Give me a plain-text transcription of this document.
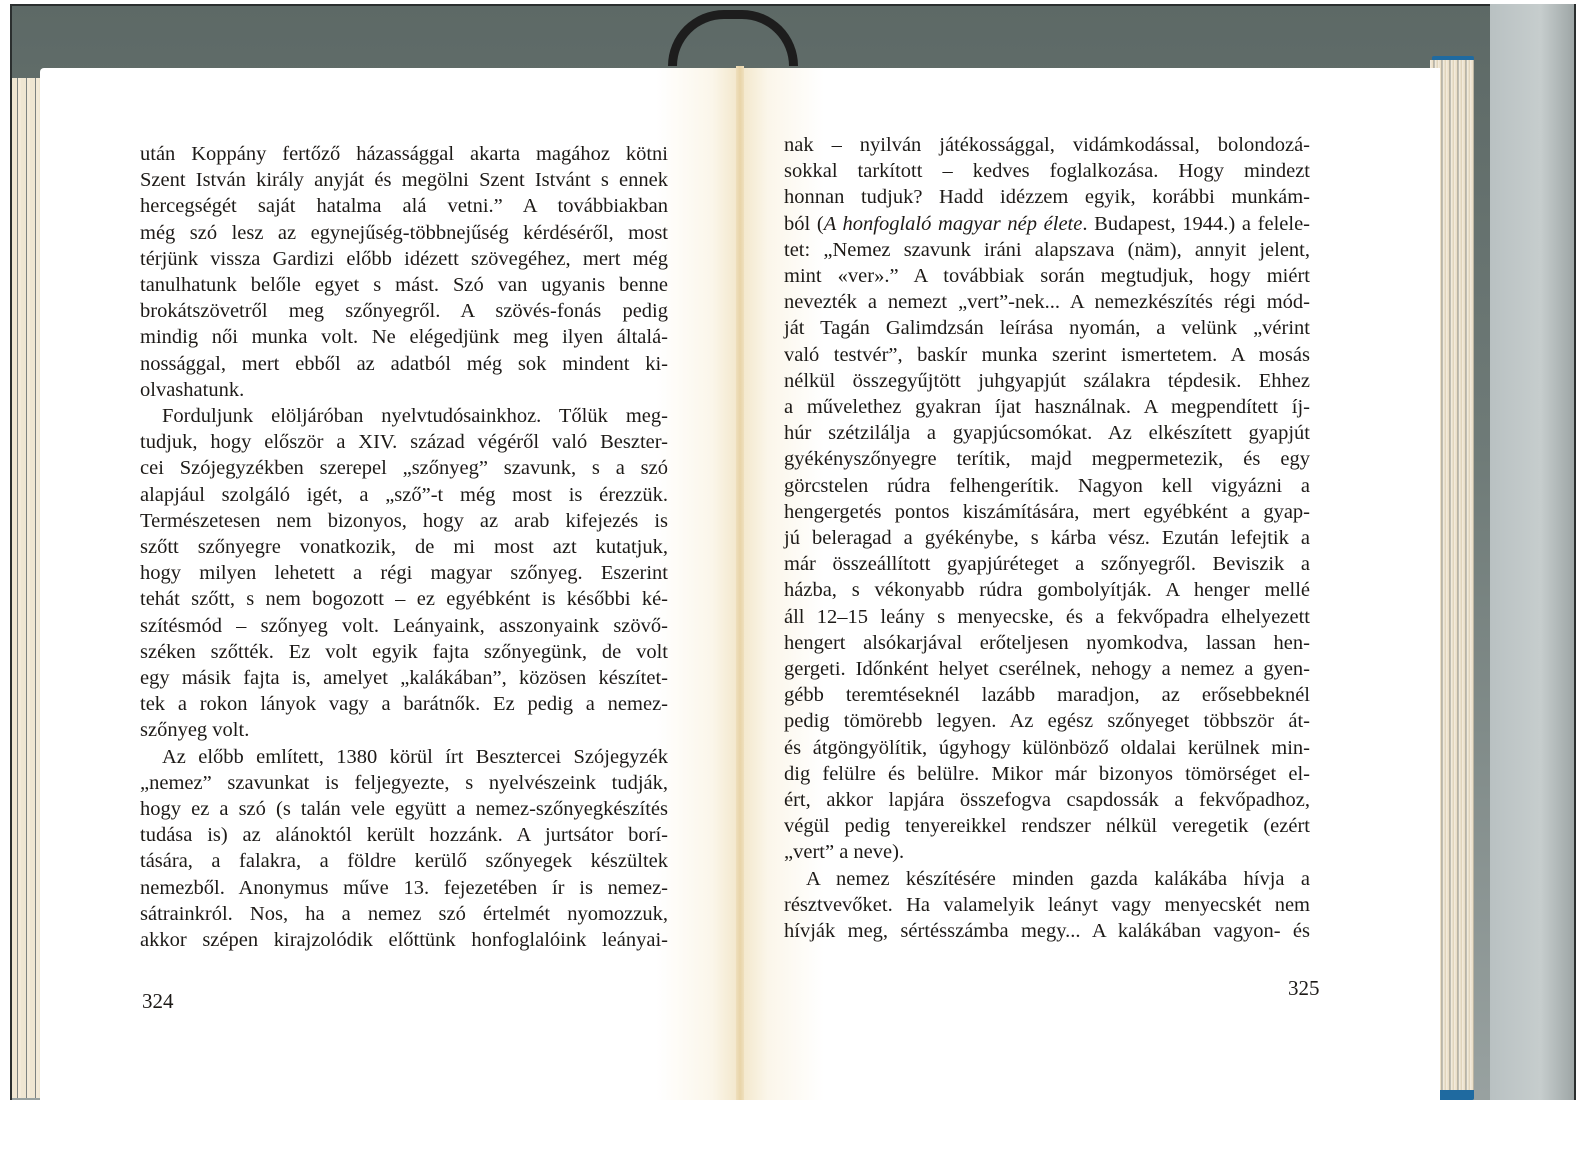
után Koppány fertőző házassággal akarta magához kötni
Szent István király anyját és megölni Szent Istvánt s ennek
hercegségét saját hatalma alá vetni.” A továbbiakban
még szó lesz az egynejűség-többnejűség kérdéséről, most
térjünk vissza Gardizi előbb idézett szövegéhez, mert még
tanulhatunk belőle egyet s mást. Szó van ugyanis benne
brokátszövetről meg szőnyegről. A szövés-fonás pedig
mindig női munka volt. Ne elégedjünk meg ilyen általá-
nossággal, mert ebből az adatból még sok mindent ki-
olvashatunk.
Forduljunk elöljáróban nyelvtudósainkhoz. Tőlük meg-
tudjuk, hogy először a XIV. század végéről való Beszter-
cei Szójegyzékben szerepel „szőnyeg” szavunk, s a szó
alapjául szolgáló igét, a „sző”-t még most is érezzük.
Természetesen nem bizonyos, hogy az arab kifejezés is
szőtt szőnyegre vonatkozik, de mi most azt kutatjuk,
hogy milyen lehetett a régi magyar szőnyeg. Eszerint
tehát szőtt, s nem bogozott – ez egyébként is későbbi ké-
szítésmód – szőnyeg volt. Leányaink, asszonyaink szövő-
széken szőtték. Ez volt egyik fajta szőnyegünk, de volt
egy másik fajta is, amelyet „kalákában”, közösen készítet-
tek a rokon lányok vagy a barátnők. Ez pedig a nemez-
szőnyeg volt.
Az előbb említett, 1380 körül írt Besztercei Szójegyzék
„nemez” szavunkat is feljegyezte, s nyelvészeink tudják,
hogy ez a szó (s talán vele együtt a nemez-szőnyegkészítés
tudása is) az alánoktól került hozzánk. A jurtsátor borí-
tására, a falakra, a földre kerülő szőnyegek készültek
nemezből. Anonymus műve 13. fejezetében ír is nemez-
sátrainkról. Nos, ha a nemez szó értelmét nyomozzuk,
akkor szépen kirajzolódik előttünk honfoglalóink leányai-
nak – nyilván játékossággal, vidámkodással, bolondozá-
sokkal tarkított – kedves foglalkozása. Hogy mindezt
honnan tudjuk? Hadd idézzem egyik, korábbi munkám-
ból (A honfoglaló magyar nép élete. Budapest, 1944.) a felele-
tet: „Nemez szavunk iráni alapszava (näm), annyit jelent,
mint «ver».” A továbbiak során megtudjuk, hogy miért
nevezték a nemezt „vert”-nek... A nemezkészítés régi mód-
ját Tagán Galimdzsán leírása nyomán, a velünk „vérint
való testvér”, baskír munka szerint ismertetem. A mosás
nélkül összegyűjtött juhgyapjút szálakra tépdesik. Ehhez
a művelethez gyakran íjat használnak. A megpendített íj-
húr szétzilálja a gyapjúcsomókat. Az elkészített gyapjút
gyékényszőnyegre terítik, majd megpermetezik, és egy
görcstelen rúdra felhengerítik. Nagyon kell vigyázni a
hengergetés pontos kiszámítására, mert egyébként a gyap-
jú beleragad a gyékénybe, s kárba vész. Ezután lefejtik a
már összeállított gyapjúréteget a szőnyegről. Beviszik a
házba, s vékonyabb rúdra gombolyítják. A henger mellé
áll 12–15 leány s menyecske, és a fekvőpadra elhelyezett
hengert alsókarjával erőteljesen nyomkodva, lassan hen-
gergeti. Időnként helyet cserélnek, nehogy a nemez a gyen-
gébb teremtéseknél lazább maradjon, az erősebbeknél
pedig tömörebb legyen. Az egész szőnyeget többször át-
és átgöngyölítik, úgyhogy különböző oldalai kerülnek min-
dig felülre és belülre. Mikor már bizonyos tömörséget el-
ért, akkor lapjára összefogva csapdossák a fekvőpadhoz,
végül pedig tenyereikkel rendszer nélkül veregetik (ezért
„vert” a neve).
A nemez készítésére minden gazda kalákába hívja a
résztvevőket. Ha valamelyik leányt vagy menyecskét nem
hívják meg, sértésszámba megy... A kalákában vagyon- és
324
325
